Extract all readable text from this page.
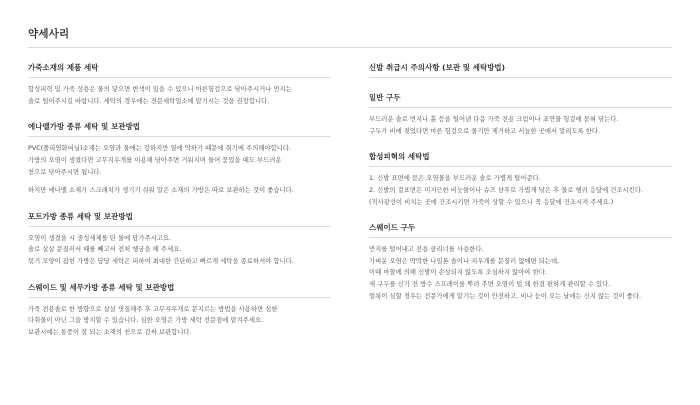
약세사리
가죽소재의 제품 세탁
합성피혁 및 가죽 성용은 물의 닿으면 변색이 있을 수 있으니 마른헝겊으로 닦아주시거나 먼지는
솔로 털어주시길 바랍니다. 세탁의 경우에는 전문세탁업소에 맡기시는 것을 권장합니다.
에나멜가방 종류 세탁 및 보관방법
PVC(폴리염화비닐)소재는 오염과 물에는 강하지만 열에 악하기 때문에 취기에 주의해야합니다.
가방의 오염이 생겼다면 고무지우개를 이용해 닦아주면 거워지며 물어 묻었을 때도 부드러운
천으로 닦아주시면 됩니다.
하지만 에나멜 소재가 스크래치가 생기기 쉬워 말은 소재의 가방은 따로 보관하는 것이 좋습니다.
포트가방 종류 세탁 및 보관방법
오염이 생겼을 시 중성세제를 탄 물에 담가주시고요.
솔로 살살 문질러서 때를 빼고서 전처 헹굼을 해 주세요.
묶기 모양이 잡힌 가방은 담당 세탁은 피하여 최대한 간단하고 빠르게 세탁을 종료하셔야 합니다.
스웨이드 및 세무가방 종류 세탁 및 보관방법
가죽 전용솔로 한 방향으로 살살 빗질해주 후 고무지우개로 문지르는 방법을 사용하면 심한
다취물이 아닌 그을 방지할 수 있습니다. 심한 오염은 가방 세탁 전문점에 맡겨주세요.
보관시에는 통풍이 잘 되는 소재의 천으로 감싸 보관합니다.
신발 취급시 주의사항 (보관 및 세탁방법)
일반 구두
부드러운 솔로 먼지나 흙 등을 털어낸 다음 가죽 전용 크림이나 죠연물 헝겊에 묻혀 닦는다.
구두가 비에 젖었다면 마른 헝겊으로 물기만 제거하고 서늘한 곳에서 말리도록 한다.
합성피혁의 세탁법
1. 신발 표면에 묻은 오염물을 부드러운 솔로 가볍게 털어준다.
2. 신발의 겉표면은 미지근한 비눗물이나 슈즈 샴푸로 가볍게 닦은 후 물로 헹궈 응달에 건조시킨다.
(직사광선이 비치는 곳에 건조시키면 가죽이 상할 수 있으니 꼭 응달에 건조시켜 주세요.)
스웨이드 구두
먼지를 털어내고 전용 클리너를 사용한다.
가벼운 오염은 딱딱한 나일론 솔이나 지우개를 문질러 없애면 되는데,
이때 마찰에 의해 신발이 손상되지 않도록 조심하지 않아야 한다.
새 구두를 신기 전 방수 스프레이를 뿌려 주면 오염이 덜 돼 한결 편하게 관리할 수 있다.
얼룩이 심할 경우는 전문가에게 맡기는 것이 안전하고, 비나 눈이 오는 날에는 신지 않는 것이 좋다.
